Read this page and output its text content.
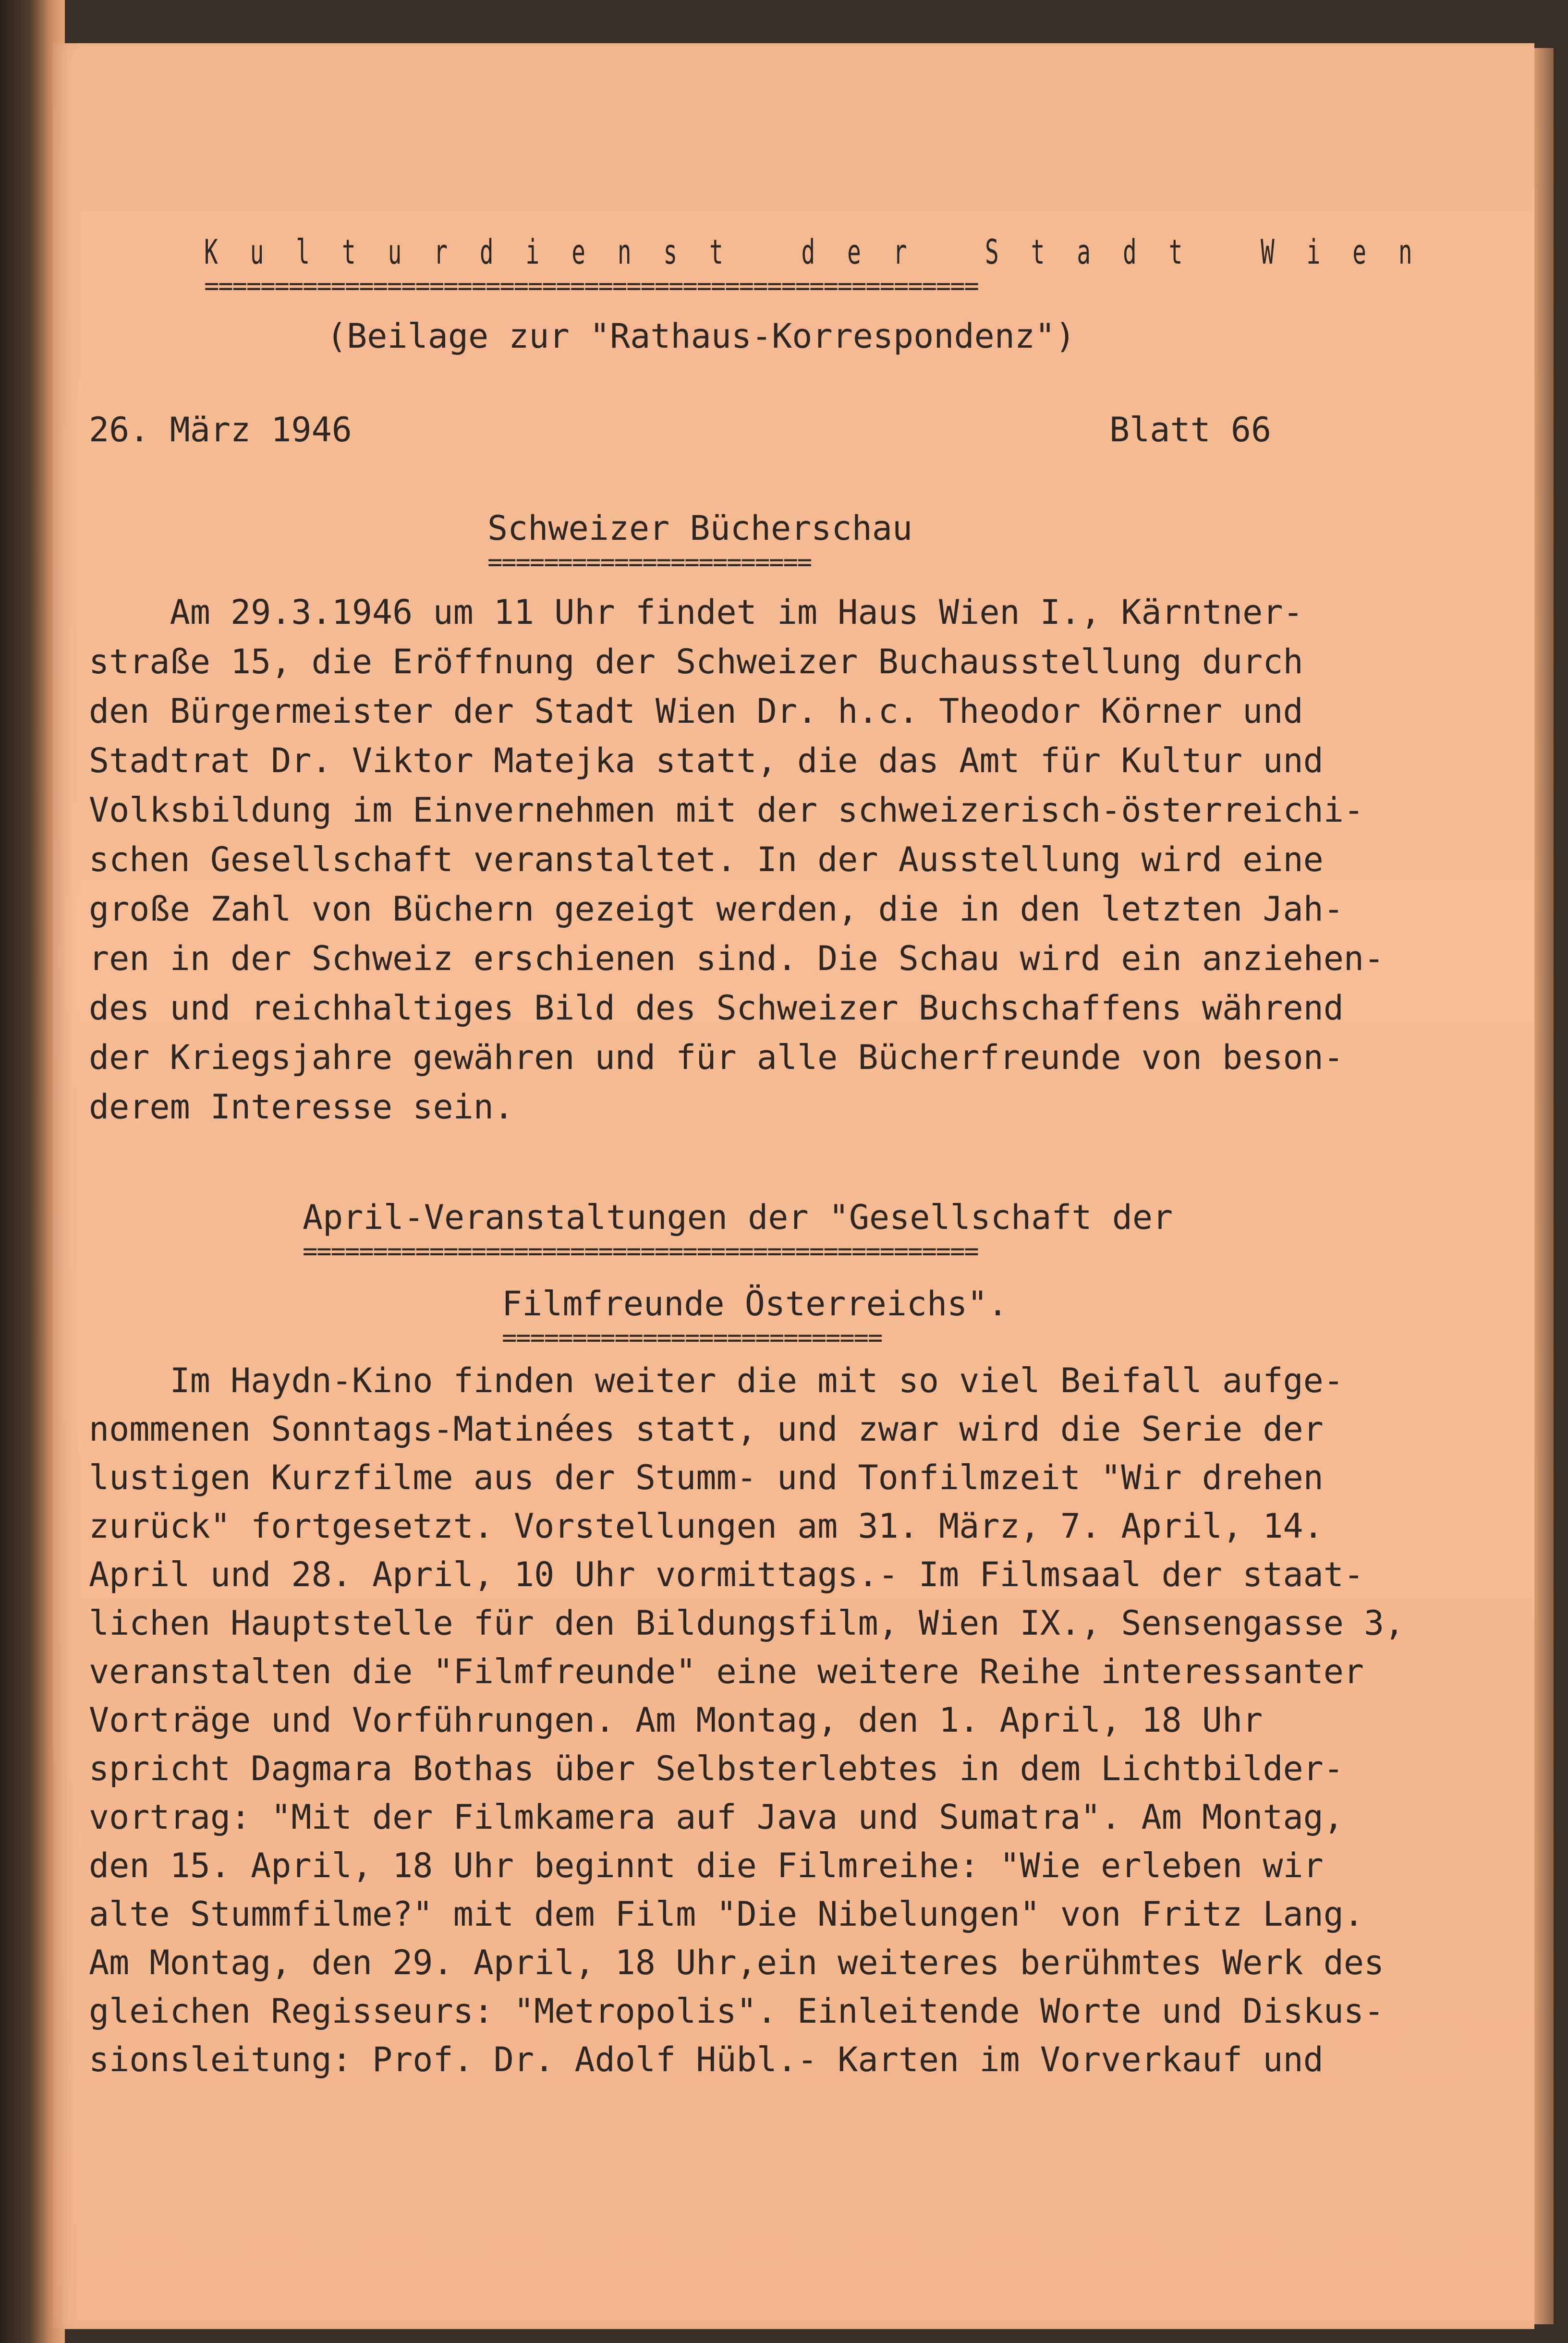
K u l t u r d i e n s t   d e r   S t a d t   W i e n
=======================================================
(Beilage zur "Rathaus-Korrespondenz")
26. März 1946	Blatt 66
Schweizer Bücherschau
=======================
Am 29.3.1946 um 11 Uhr findet im Haus Wien I., Kärntner-
straße 15, die Eröffnung der Schweizer Buchausstellung durch
den Bürgermeister der Stadt Wien Dr. h.c. Theodor Körner und
Stadtrat Dr. Viktor Matejka statt, die das Amt für Kultur und
Volksbildung im Einvernehmen mit der schweizerisch-österreichi-
schen Gesellschaft veranstaltet. In der Ausstellung wird eine
große Zahl von Büchern gezeigt werden, die in den letzten Jah-
ren in der Schweiz erschienen sind. Die Schau wird ein anziehen-
des und reichhaltiges Bild des Schweizer Buchschaffens während
der Kriegsjahre gewähren und für alle Bücherfreunde von beson-
derem Interesse sein.
April-Veranstaltungen der "Gesellschaft der
================================================
Filmfreunde Österreichs".
===========================
Im Haydn-Kino finden weiter die mit so viel Beifall aufge-
nommenen Sonntags-Matinées statt, und zwar wird die Serie der
lustigen Kurzfilme aus der Stumm- und Tonfilmzeit "Wir drehen
zurück" fortgesetzt. Vorstellungen am 31. März, 7. April, 14.
April und 28. April, 10 Uhr vormittags.- Im Filmsaal der staat-
lichen Hauptstelle für den Bildungsfilm, Wien IX., Sensengasse 3,
veranstalten die "Filmfreunde" eine weitere Reihe interessanter
Vorträge und Vorführungen. Am Montag, den 1. April, 18 Uhr
spricht Dagmara Bothas über Selbsterlebtes in dem Lichtbilder-
vortrag: "Mit der Filmkamera auf Java und Sumatra". Am Montag,
den 15. April, 18 Uhr beginnt die Filmreihe: "Wie erleben wir
alte Stummfilme?" mit dem Film "Die Nibelungen" von Fritz Lang.
Am Montag, den 29. April, 18 Uhr,ein weiteres berühmtes Werk des
gleichen Regisseurs: "Metropolis". Einleitende Worte und Diskus-
sionsleitung: Prof. Dr. Adolf Hübl.- Karten im Vorverkauf und
